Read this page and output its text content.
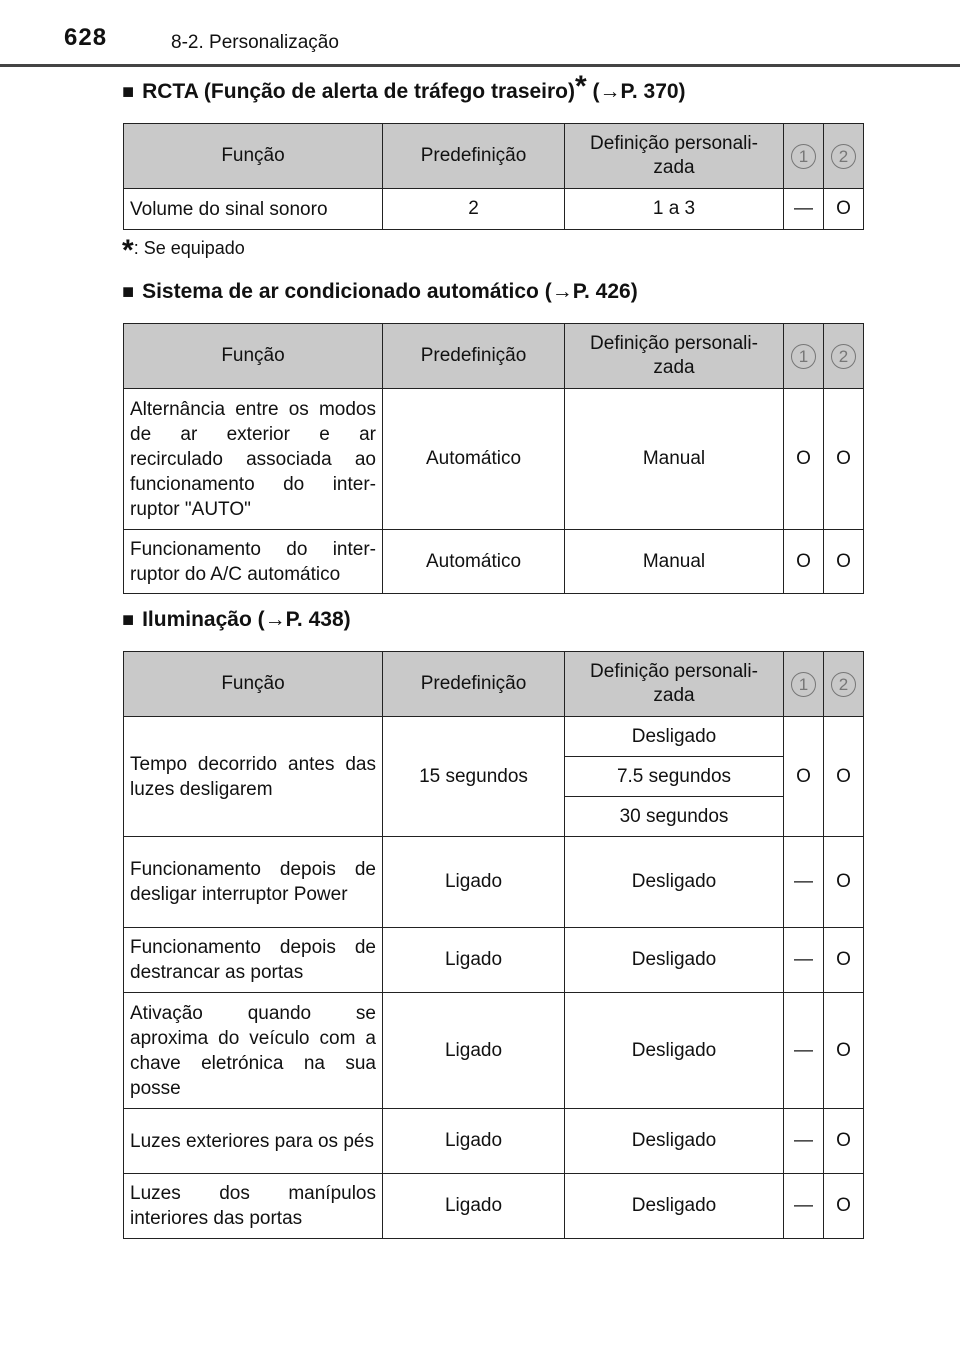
628	8-2. Personalização
■ RCTA (Função de alerta de tráfego traseiro)* (→P. 370)
Função	Predefinição	Definição personali-zada	1	2
Volume do sinal sonoro	2	1 a 3	—	O
*: Se equipado
■ Sistema de ar condicionado automático (→P. 426)
Função	Predefinição	Definição personali-zada	1	2
Alternância entre os modos de ar exterior e ar recirculado associada ao funcionamento do inter-ruptor "AUTO"	Automático	Manual	O	O
Funcionamento do inter-ruptor do A/C automático	Automático	Manual	O	O
■ Iluminação (→P. 438)
Função	Predefinição	Definição personali-zada	1	2
Tempo decorrido antes das luzes desligarem	15 segundos	Desligado	O	O
		7.5 segundos		
		30 segundos		
Funcionamento depois de desligar interruptor Power	Ligado	Desligado	—	O
Funcionamento depois de destrancar as portas	Ligado	Desligado	—	O
Ativação quando se aproxima do veículo com a chave eletrónica na sua posse	Ligado	Desligado	—	O
Luzes exteriores para os pés	Ligado	Desligado	—	O
Luzes dos manípulos interiores das portas	Ligado	Desligado	—	O
